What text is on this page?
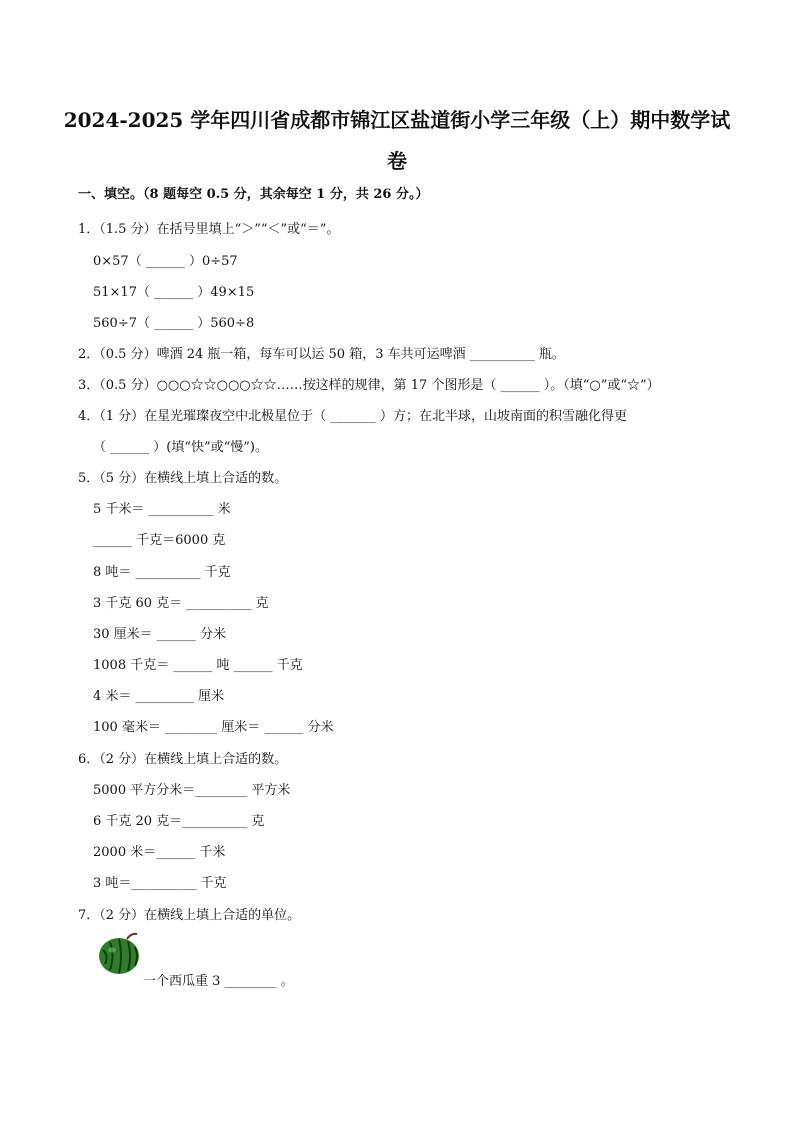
2024-2025 学年四川省成都市锦江区盐道街小学三年级（上）期中数学试
卷
一、填空。（8 题每空 0.5 分，其余每空 1 分，共 26 分。）
1．（1.5 分）在括号里填上“＞”“＜”或“＝”。
0×57（ ______ ）0÷57
51×17（ ______ ）49×15
560÷7（ ______ ）560÷8
2．（0.5 分）啤酒 24 瓶一箱，每车可以运 50 箱，3 车共可运啤酒 __________ 瓶。
3．（0.5 分）○○○☆☆○○○☆☆……按这样的规律，第 17 个图形是（ ______ ）。（填“○”或“☆”）
4．（1 分）在星光璀璨夜空中北极星位于（ _______ ）方；在北半球，山坡南面的积雪融化得更
（ ______ ）(填“快”或“慢”)。
5．（5 分）在横线上填上合适的数。
5 千米＝ __________ 米
______ 千克＝6000 克
8 吨＝ __________ 千克
3 千克 60 克＝ __________ 克
30 厘米＝ ______ 分米
1008 千克＝ ______ 吨 ______ 千克
4 米＝ _________ 厘米
100 毫米＝ ________ 厘米＝ ______ 分米
6．（2 分）在横线上填上合适的数。
5000 平方分米＝________ 平方米
6 千克 20 克＝__________ 克
2000 米＝______ 千米
3 吨＝__________ 千克
7．（2 分）在横线上填上合适的单位。
一个西瓜重 3 ________ 。
